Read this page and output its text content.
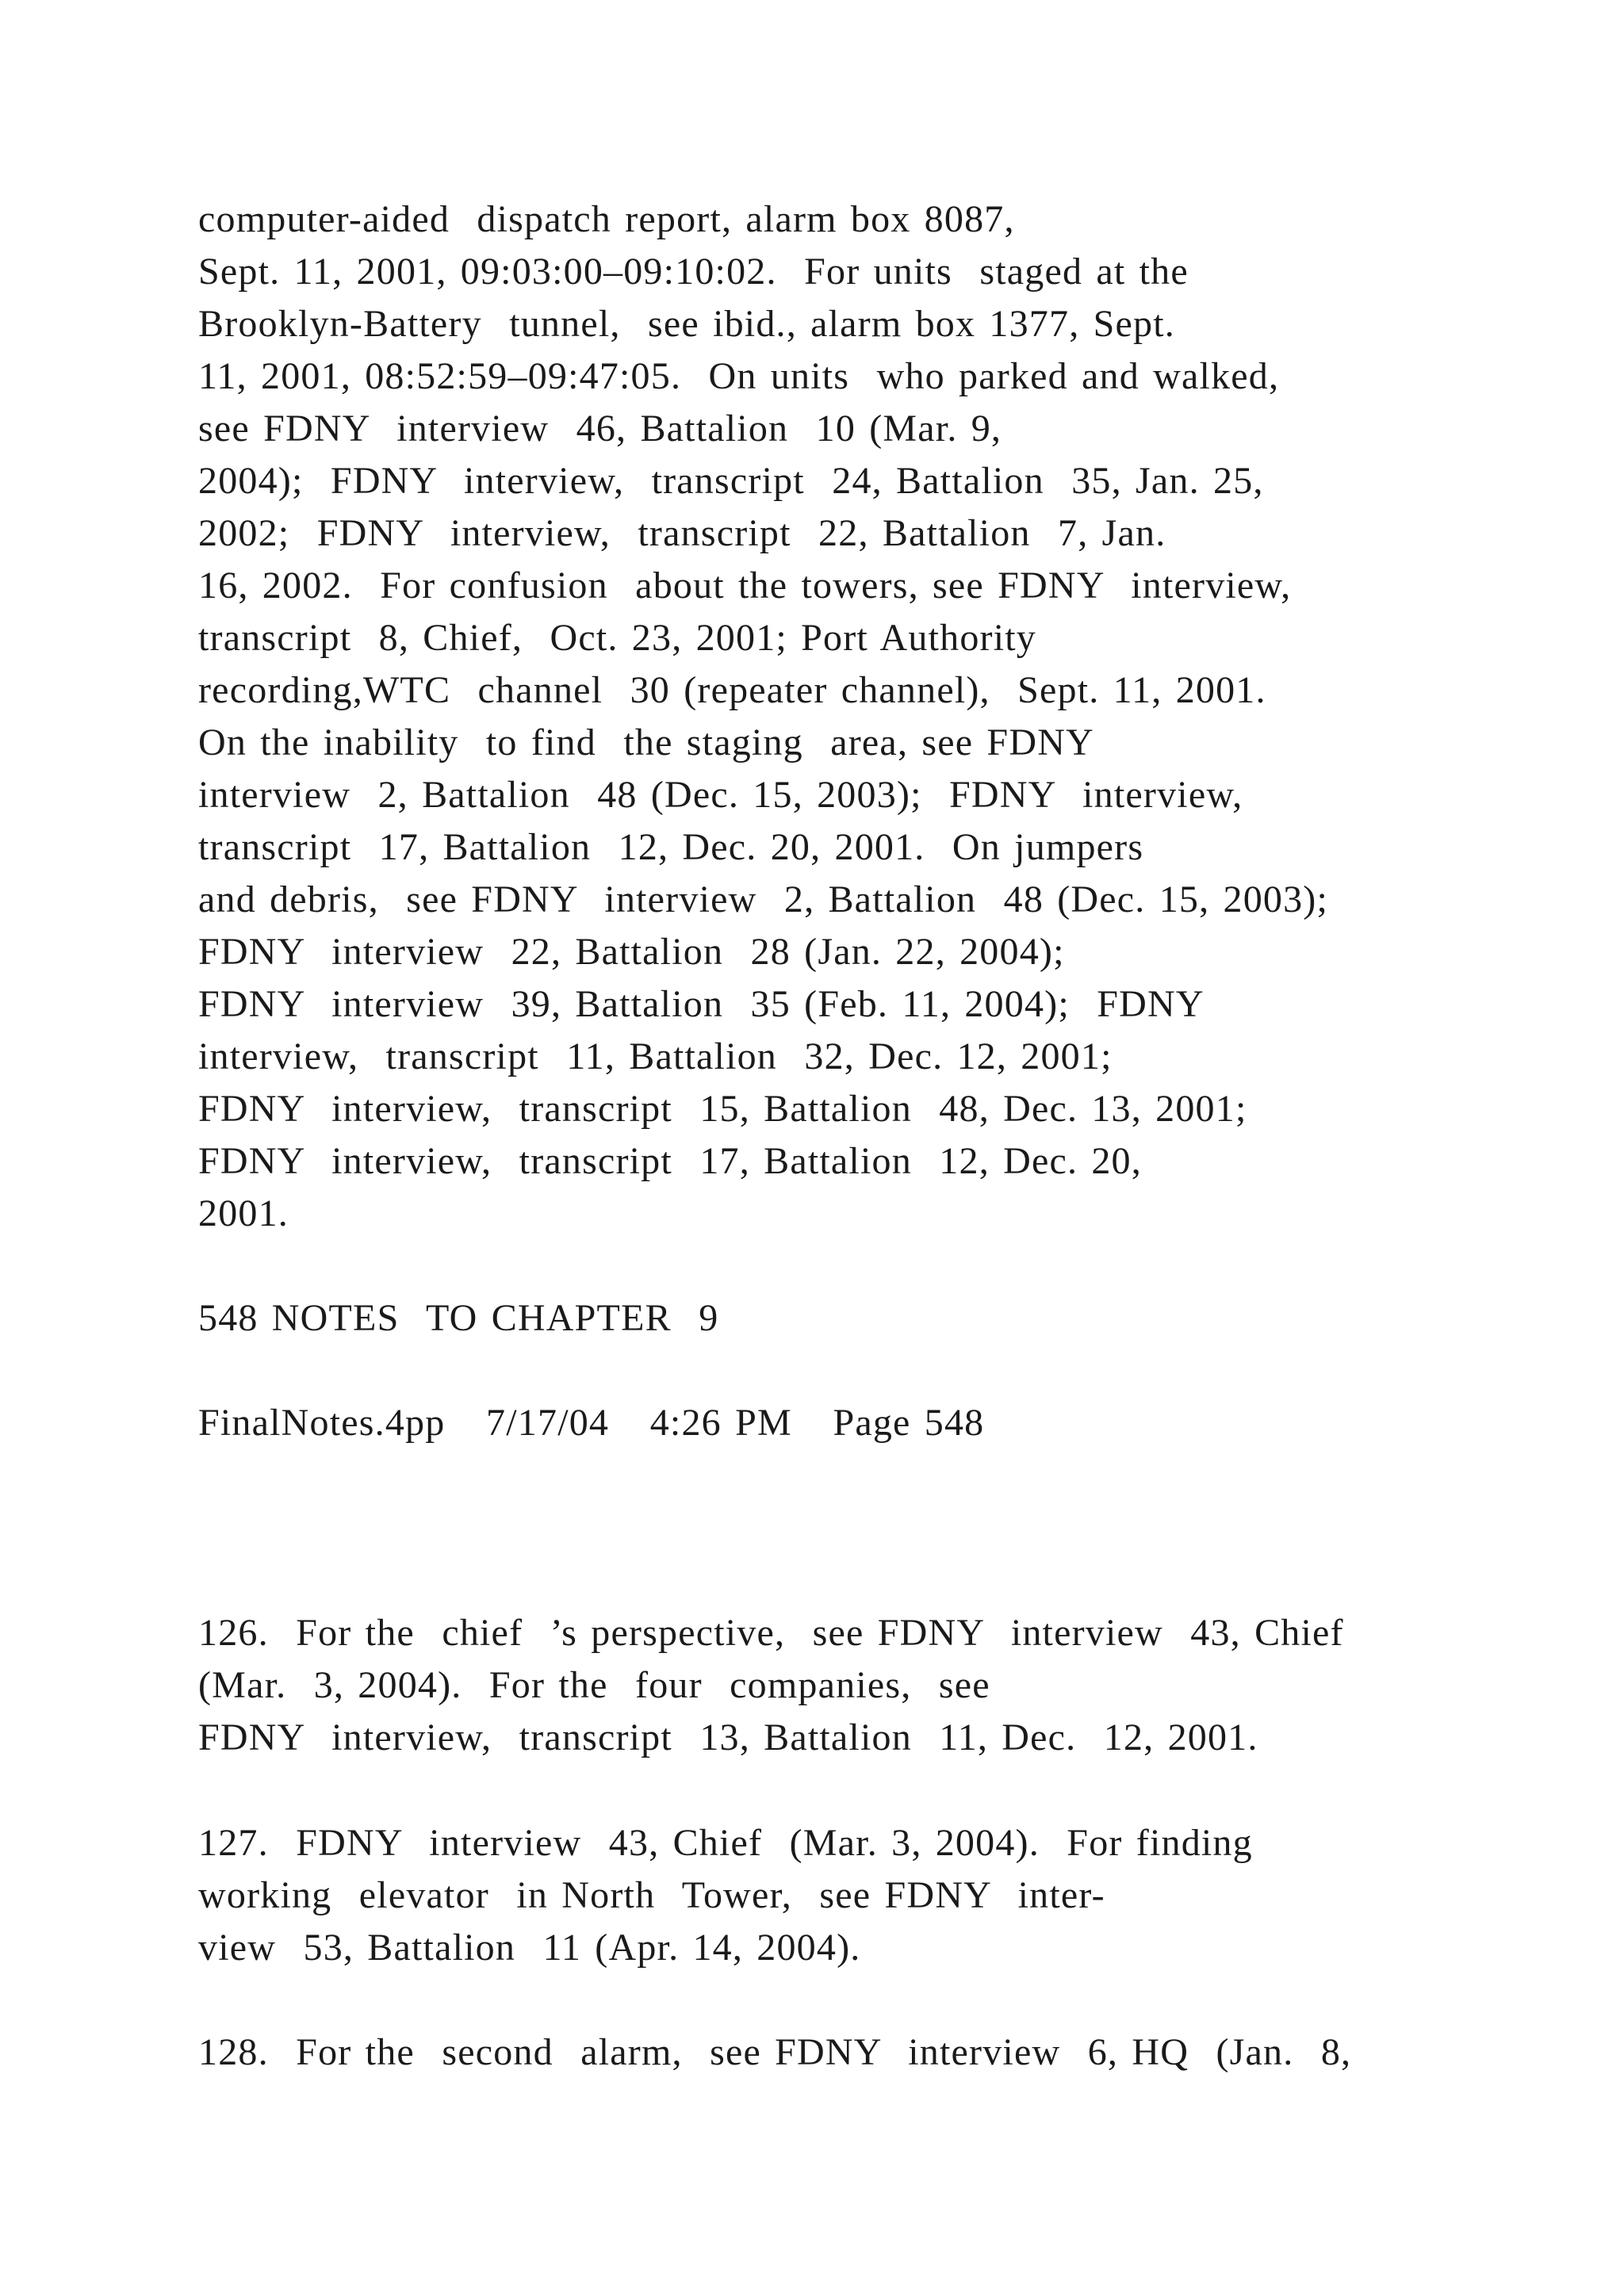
computer-aided  dispatch report, alarm box 8087,
Sept. 11, 2001, 09:03:00–09:10:02.  For units  staged at the
Brooklyn-Battery  tunnel,  see ibid., alarm box 1377, Sept.
11, 2001, 08:52:59–09:47:05.  On units  who parked and walked,
see FDNY  interview  46, Battalion  10 (Mar. 9,
2004);  FDNY  interview,  transcript  24, Battalion  35, Jan. 25,
2002;  FDNY  interview,  transcript  22, Battalion  7, Jan.
16, 2002.  For confusion  about the towers, see FDNY  interview,
transcript  8, Chief,  Oct. 23, 2001; Port Authority
recording,WTC  channel  30 (repeater channel),  Sept. 11, 2001.
On the inability  to find  the staging  area, see FDNY
interview  2, Battalion  48 (Dec. 15, 2003);  FDNY  interview,
transcript  17, Battalion  12, Dec. 20, 2001.  On jumpers
and debris,  see FDNY  interview  2, Battalion  48 (Dec. 15, 2003);
FDNY  interview  22, Battalion  28 (Jan. 22, 2004);
FDNY  interview  39, Battalion  35 (Feb. 11, 2004);  FDNY
interview,  transcript  11, Battalion  32, Dec. 12, 2001;
FDNY  interview,  transcript  15, Battalion  48, Dec. 13, 2001;
FDNY  interview,  transcript  17, Battalion  12, Dec. 20,
2001.
548 NOTES  TO CHAPTER  9
FinalNotes.4pp   7/17/04   4:26 PM   Page 548
126.  For the  chief  ’s perspective,  see FDNY  interview  43, Chief
(Mar.  3, 2004).  For the  four  companies,  see
FDNY  interview,  transcript  13, Battalion  11, Dec.  12, 2001.
127.  FDNY  interview  43, Chief  (Mar. 3, 2004).  For finding
working  elevator  in North  Tower,  see FDNY  inter-
view  53, Battalion  11 (Apr. 14, 2004).
128.  For the  second  alarm,  see FDNY  interview  6, HQ  (Jan.  8,
